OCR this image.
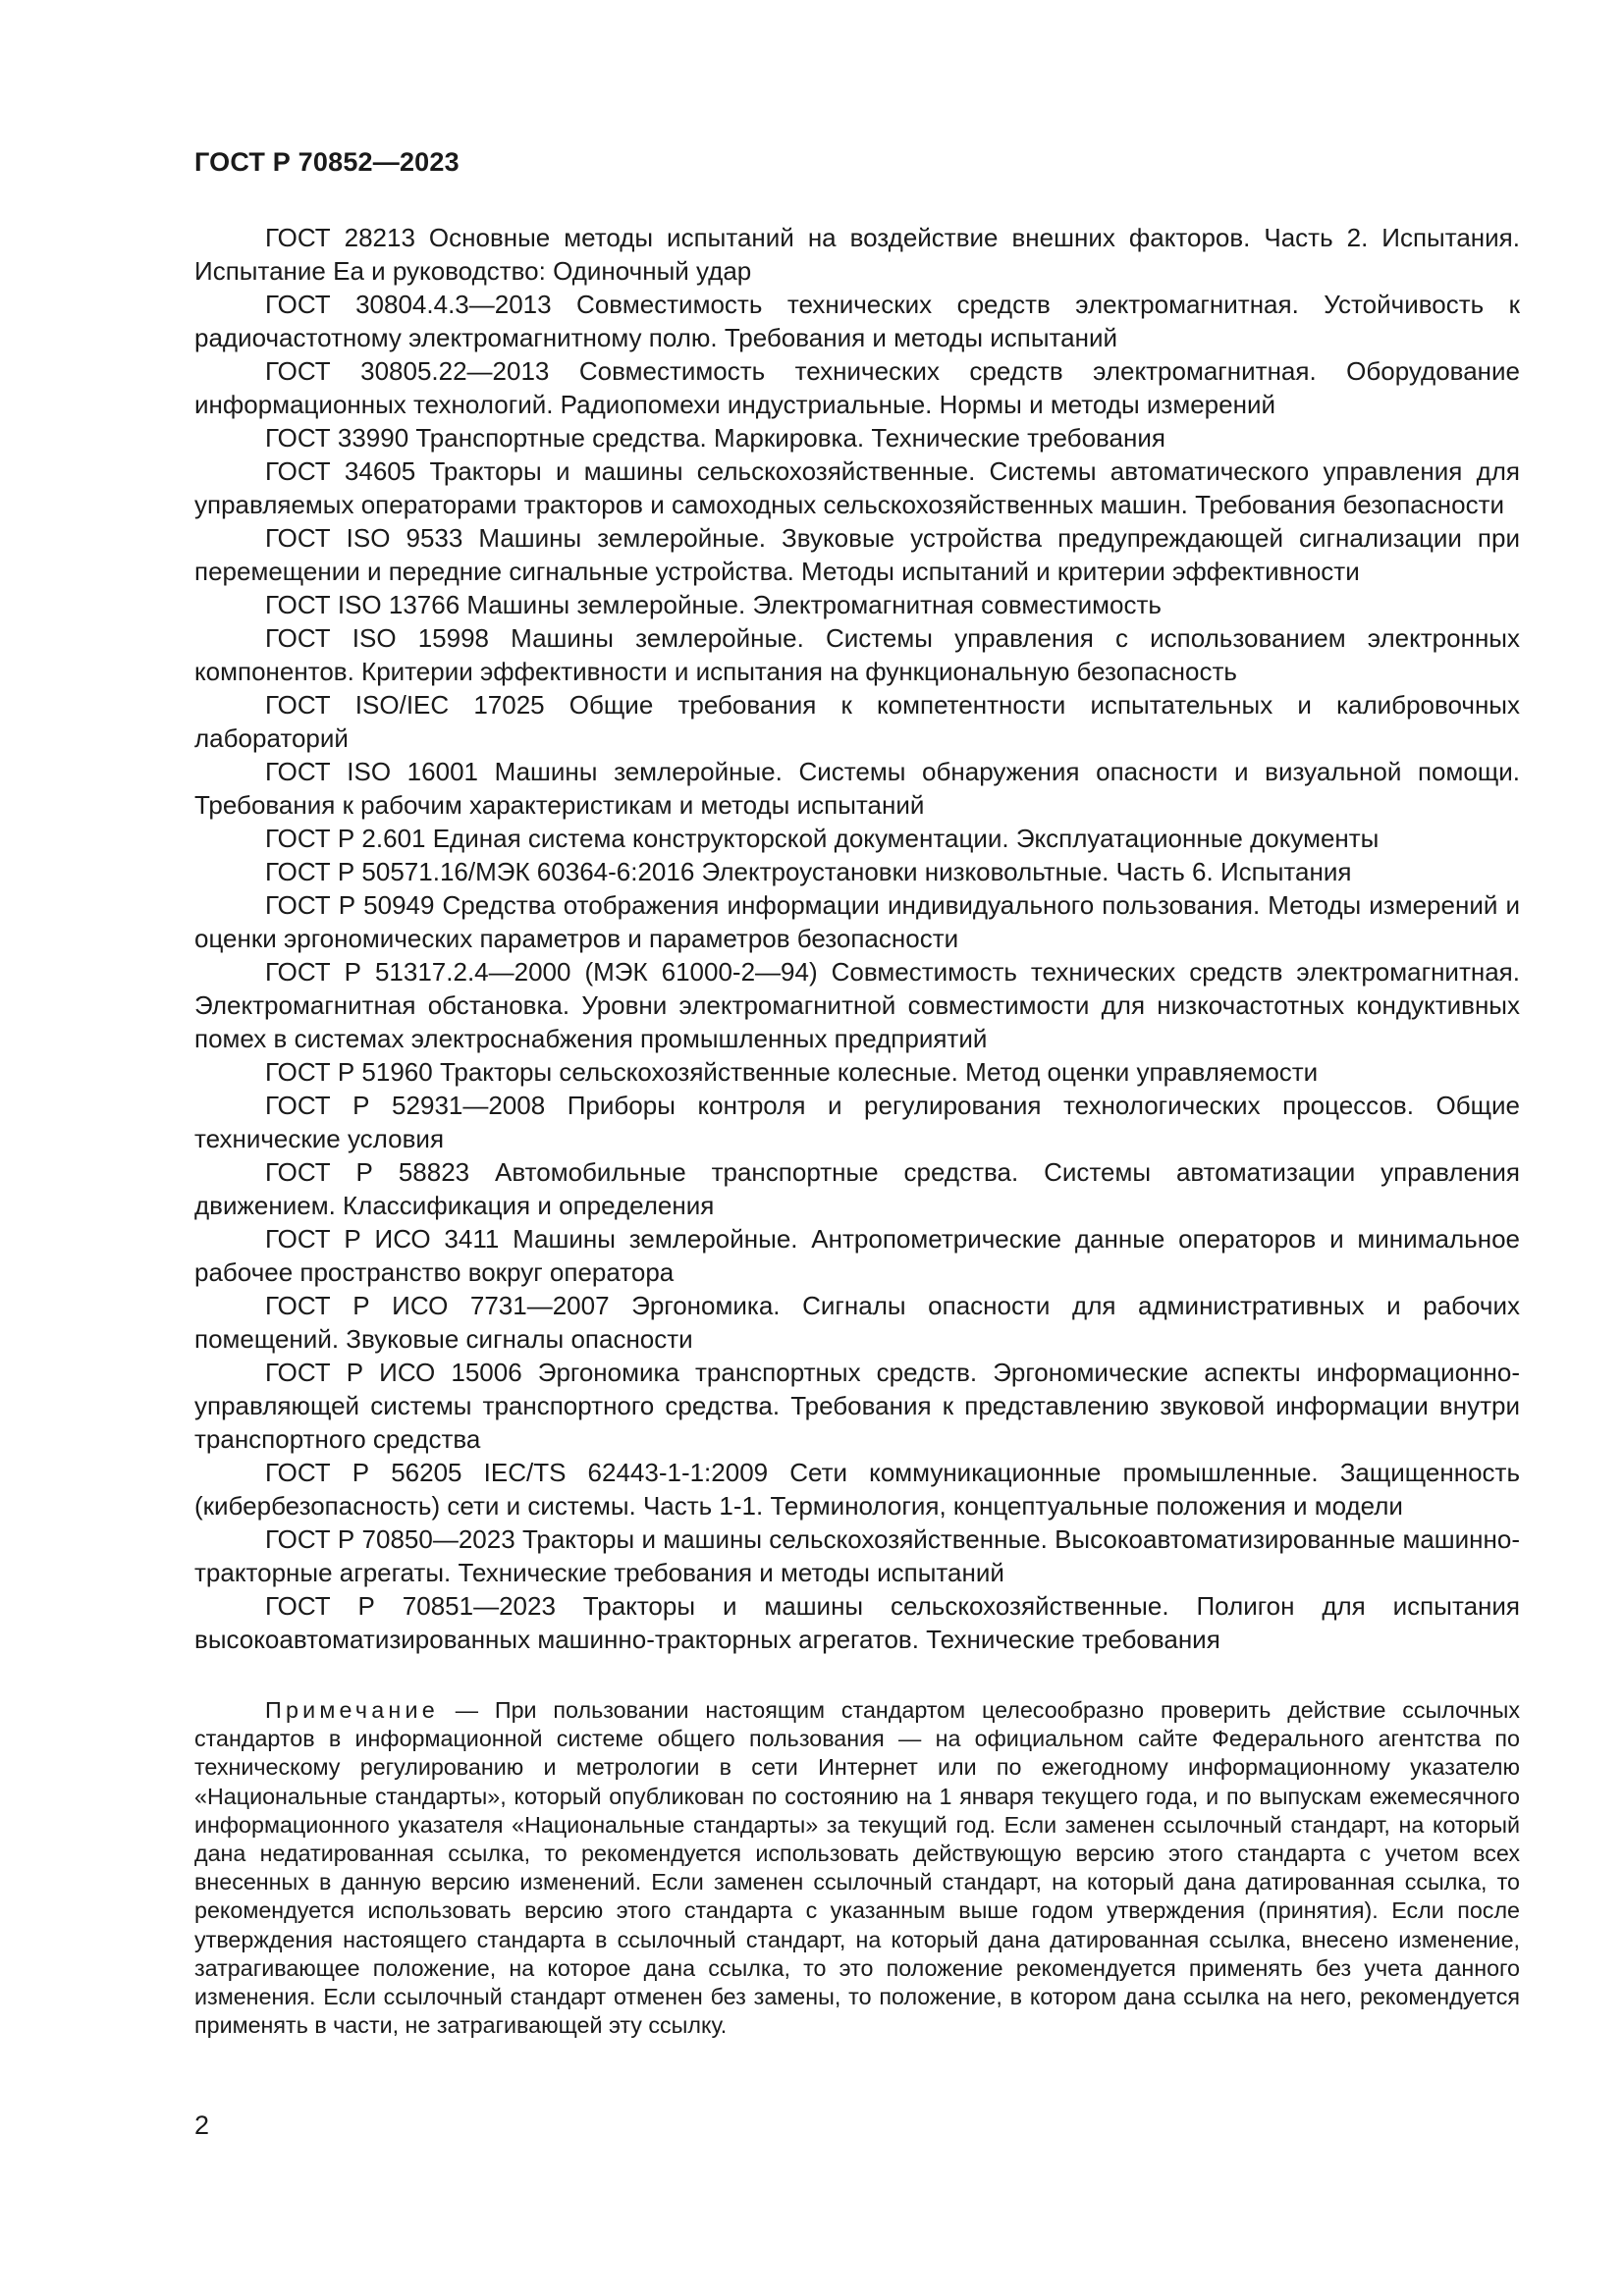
ГОСТ Р 70852—2023

ГОСТ 28213 Основные методы испытаний на воздействие внешних факторов. Часть 2. Испытания. Испытание Еа и руководство: Одиночный удар

ГОСТ 30804.4.3—2013 Совместимость технических средств электромагнитная. Устойчивость к радиочастотному электромагнитному полю. Требования и методы испытаний

ГОСТ 30805.22—2013 Совместимость технических средств электромагнитная. Оборудование информационных технологий. Радиопомехи индустриальные. Нормы и методы измерений

ГОСТ 33990 Транспортные средства. Маркировка. Технические требования

ГОСТ 34605 Тракторы и машины сельскохозяйственные. Системы автоматического управления для управляемых операторами тракторов и самоходных сельскохозяйственных машин. Требования безопасности

ГОСТ ISO 9533 Машины землеройные. Звуковые устройства предупреждающей сигнализации при перемещении и передние сигнальные устройства. Методы испытаний и критерии эффективности

ГОСТ ISO 13766 Машины землеройные. Электромагнитная совместимость

ГОСТ ISO 15998 Машины землеройные. Системы управления с использованием электронных компонентов. Критерии эффективности и испытания на функциональную безопасность

ГОСТ ISO/IEC 17025 Общие требования к компетентности испытательных и калибровочных лабораторий

ГОСТ ISO 16001 Машины землеройные. Системы обнаружения опасности и визуальной помощи. Требования к рабочим характеристикам и методы испытаний

ГОСТ Р 2.601 Единая система конструкторской документации. Эксплуатационные документы

ГОСТ Р 50571.16/МЭК 60364-6:2016 Электроустановки низковольтные. Часть 6. Испытания

ГОСТ Р 50949 Средства отображения информации индивидуального пользования. Методы измерений и оценки эргономических параметров и параметров безопасности

ГОСТ Р 51317.2.4—2000 (МЭК 61000-2—94) Совместимость технических средств электромагнитная. Электромагнитная обстановка. Уровни электромагнитной совместимости для низкочастотных кондуктивных помех в системах электроснабжения промышленных предприятий

ГОСТ Р 51960 Тракторы сельскохозяйственные колесные. Метод оценки управляемости

ГОСТ Р 52931—2008 Приборы контроля и регулирования технологических процессов. Общие технические условия

ГОСТ Р 58823 Автомобильные транспортные средства. Системы автоматизации управления движением. Классификация и определения

ГОСТ Р ИСО 3411 Машины землеройные. Антропометрические данные операторов и минимальное рабочее пространство вокруг оператора

ГОСТ Р ИСО 7731—2007 Эргономика. Сигналы опасности для административных и рабочих помещений. Звуковые сигналы опасности

ГОСТ Р ИСО 15006 Эргономика транспортных средств. Эргономические аспекты информационно-управляющей системы транспортного средства. Требования к представлению звуковой информации внутри транспортного средства

ГОСТ Р 56205 IEC/TS 62443-1-1:2009 Сети коммуникационные промышленные. Защищенность (кибербезопасность) сети и системы. Часть 1-1. Терминология, концептуальные положения и модели

ГОСТ Р 70850—2023 Тракторы и машины сельскохозяйственные. Высокоавтоматизированные машинно-тракторные агрегаты. Технические требования и методы испытаний

ГОСТ Р 70851—2023 Тракторы и машины сельскохозяйственные. Полигон для испытания высокоавтоматизированных машинно-тракторных агрегатов. Технические требования

Примечание — При пользовании настоящим стандартом целесообразно проверить действие ссылочных стандартов в информационной системе общего пользования — на официальном сайте Федерального агентства по техническому регулированию и метрологии в сети Интернет или по ежегодному информационному указателю «Национальные стандарты», который опубликован по состоянию на 1 января текущего года, и по выпускам ежемесячного информационного указателя «Национальные стандарты» за текущий год. Если заменен ссылочный стандарт, на который дана недатированная ссылка, то рекомендуется использовать действующую версию этого стандарта с учетом всех внесенных в данную версию изменений. Если заменен ссылочный стандарт, на который дана датированная ссылка, то рекомендуется использовать версию этого стандарта с указанным выше годом утверждения (принятия). Если после утверждения настоящего стандарта в ссылочный стандарт, на который дана датированная ссылка, внесено изменение, затрагивающее положение, на которое дана ссылка, то это положение рекомендуется применять без учета данного изменения. Если ссылочный стандарт отменен без замены, то положение, в котором дана ссылка на него, рекомендуется применять в части, не затрагивающей эту ссылку.

2
